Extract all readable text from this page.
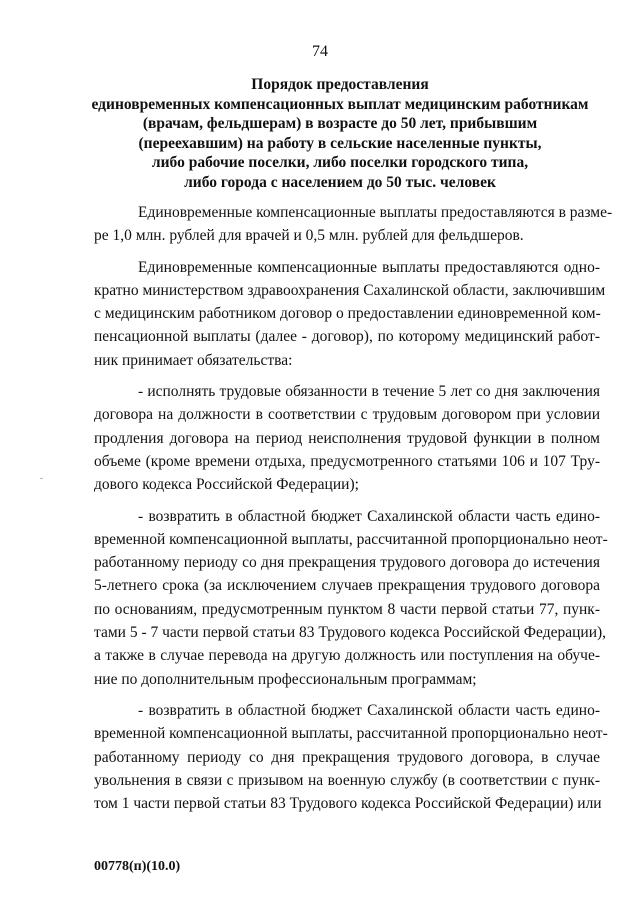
74
Порядок предоставления
единовременных компенсационных выплат медицинским работникам
(врачам, фельдшерам) в возрасте до 50 лет, прибывшим
(переехавшим) на работу в сельские населенные пункты,
либо рабочие поселки, либо поселки городского типа,
либо города с населением до 50 тыс. человек
Единовременные компенсационные выплаты предоставляются в разме-
ре 1,0 млн. рублей для врачей и 0,5 млн. рублей для фельдшеров.
Единовременные компенсационные выплаты предоставляются одно-
кратно министерством здравоохранения Сахалинской области, заключившим
с медицинским работником договор о предоставлении единовременной ком-
пенсационной выплаты (далее - договор), по которому медицинский работ-
ник принимает обязательства:
- исполнять трудовые обязанности в течение 5 лет со дня заключения
договора на должности в соответствии с трудовым договором при условии
продления договора на период неисполнения трудовой функции в полном
объеме (кроме времени отдыха, предусмотренного статьями 106 и 107 Тру-
дового кодекса Российской Федерации);
- возвратить в областной бюджет Сахалинской области часть едино-
временной компенсационной выплаты, рассчитанной пропорционально неот-
работанному периоду со дня прекращения трудового договора до истечения
5-летнего срока (за исключением случаев прекращения трудового договора
по основаниям, предусмотренным пунктом 8 части первой статьи 77, пунк-
тами 5 - 7 части первой статьи 83 Трудового кодекса Российской Федерации),
а также в случае перевода на другую должность или поступления на обуче-
ние по дополнительным профессиональным программам;
- возвратить в областной бюджет Сахалинской области часть едино-
временной компенсационной выплаты, рассчитанной пропорционально неот-
работанному периоду со дня прекращения трудового договора, в случае
увольнения в связи с призывом на военную службу (в соответствии с пунк-
том 1 части первой статьи 83 Трудового кодекса Российской Федерации) или
00778(п)(10.0)
